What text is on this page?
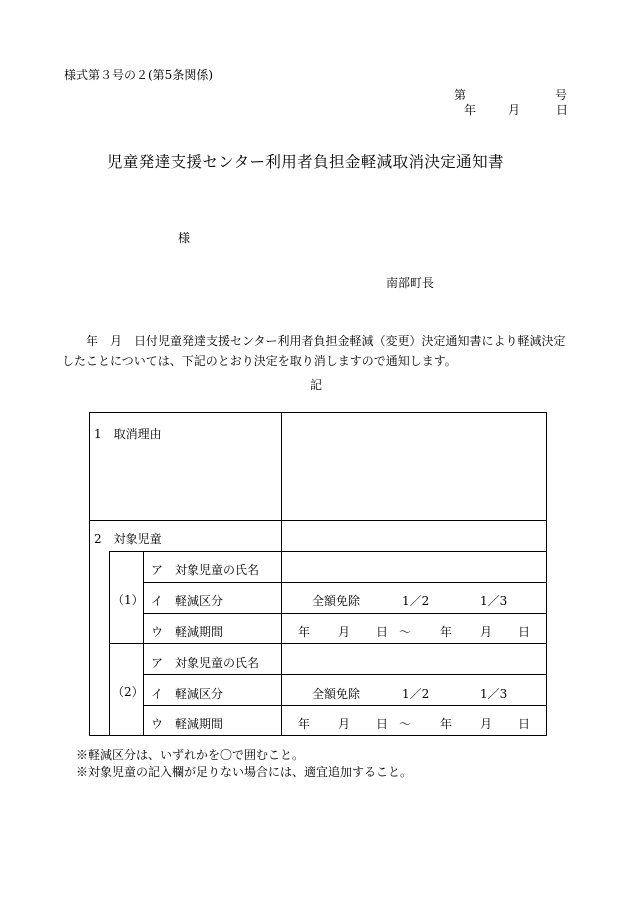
様式第３号の２(第5条関係)
第	号
年	月	日
児童発達支援センター利用者負担金軽減取消決定通知書
様
南部町長
年 月 日付児童発達支援センター利用者負担金軽減（変更）決定通知書により軽減決定したことについては、下記のとおり決定を取り消しますので通知します。
記
1　取消理由
2　対象児童
（1）
ア　対象児童の氏名
イ　軽減区分	全額免除	1／2	1／3
ウ　軽減期間	年 月 日 ～ 年 月 日
（2）
ア　対象児童の氏名
イ　軽減区分	全額免除	1／2	1／3
ウ　軽減期間	年 月 日 ～ 年 月 日
※軽減区分は、いずれかを〇で囲むこと。
※対象児童の記入欄が足りない場合には、適宜追加すること。
